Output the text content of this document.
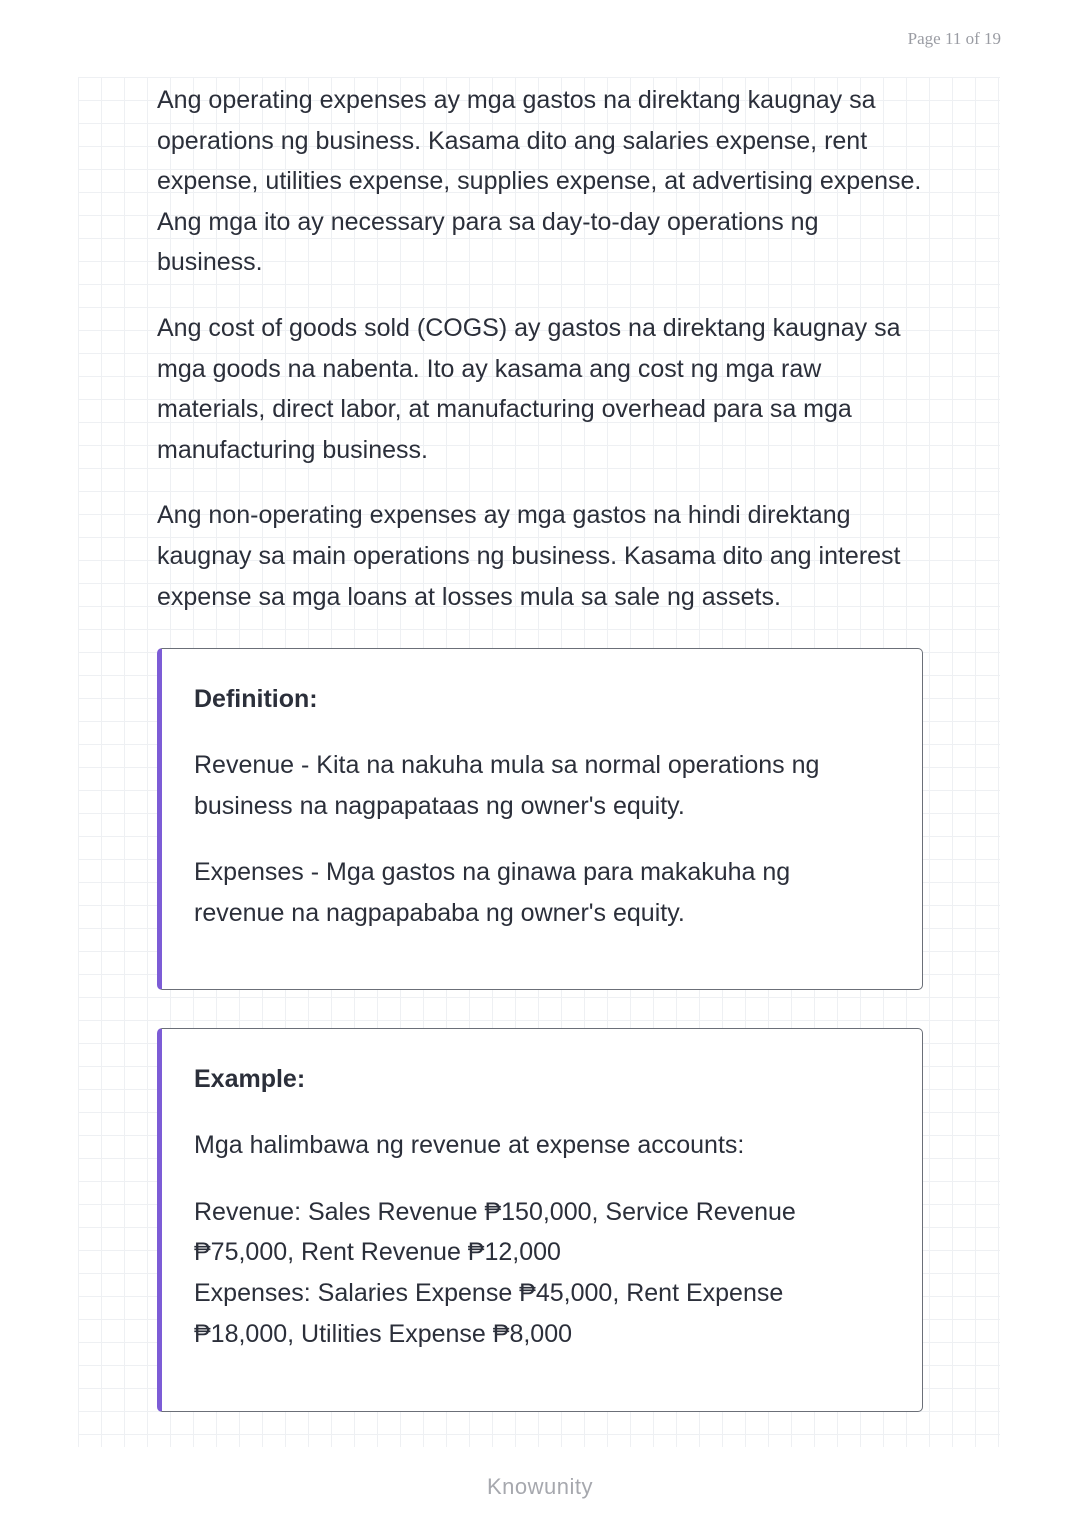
Page 11 of 19

Ang operating expenses ay mga gastos na direktang kaugnay sa operations ng business. Kasama dito ang salaries expense, rent expense, utilities expense, supplies expense, at advertising expense. Ang mga ito ay necessary para sa day-to-day operations ng business.

Ang cost of goods sold (COGS) ay gastos na direktang kaugnay sa mga goods na nabenta. Ito ay kasama ang cost ng mga raw materials, direct labor, at manufacturing overhead para sa mga manufacturing business.

Ang non-operating expenses ay mga gastos na hindi direktang kaugnay sa main operations ng business. Kasama dito ang interest expense sa mga loans at losses mula sa sale ng assets.

Definition:

Revenue - Kita na nakuha mula sa normal operations ng business na nagpapataas ng owner's equity.

Expenses - Mga gastos na ginawa para makakuha ng revenue na nagpapababa ng owner's equity.

Example:

Mga halimbawa ng revenue at expense accounts:

Revenue: Sales Revenue ₱150,000, Service Revenue ₱75,000, Rent Revenue ₱12,000

Expenses: Salaries Expense ₱45,000, Rent Expense ₱18,000, Utilities Expense ₱8,000

Knowunity
